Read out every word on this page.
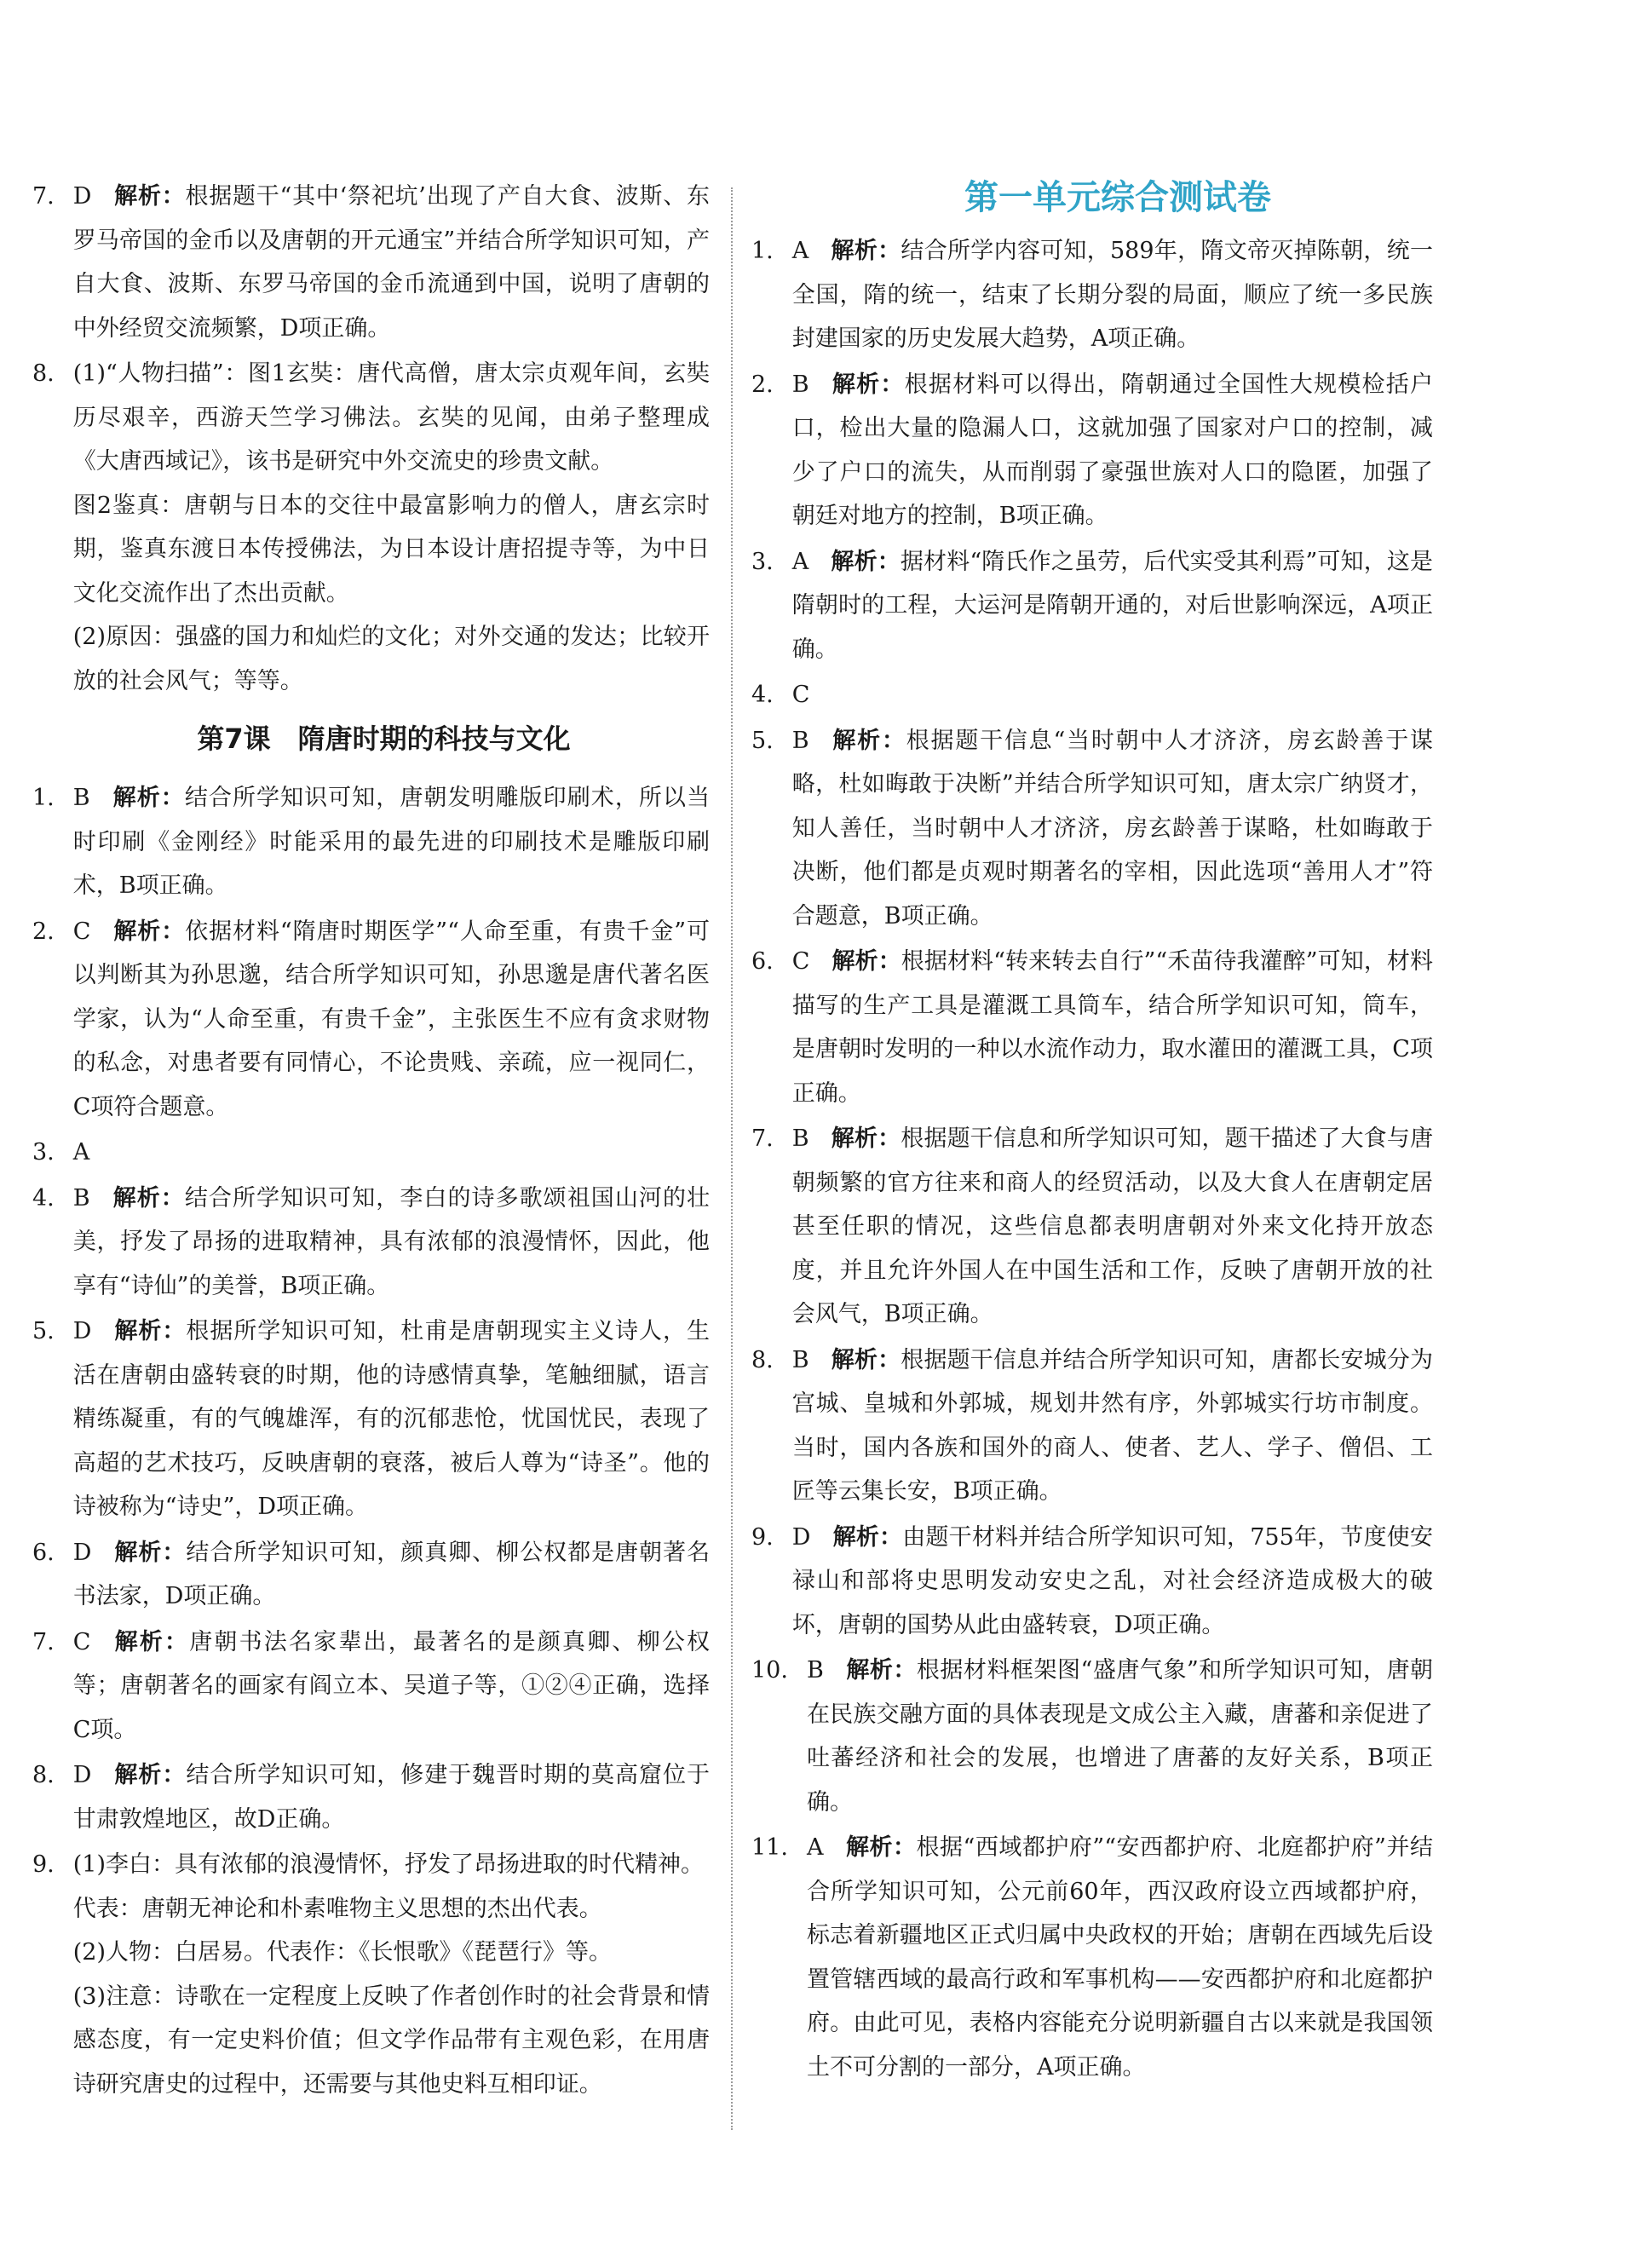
7. D 解析：根据题干“其中‘祭祀坑’出现了产自大食、波斯、东罗马帝国的金币以及唐朝的开元通宝”并结合所学知识可知，产自大食、波斯、东罗马帝国的金币流通到中国，说明了唐朝的中外经贸交流频繁，D项正确。
8. (1)“人物扫描”：图1玄奘：唐代高僧，唐太宗贞观年间，玄奘历尽艰辛，西游天竺学习佛法。玄奘的见闻，由弟子整理成《大唐西域记》，该书是研究中外交流史的珍贵文献。
图2鉴真：唐朝与日本的交往中最富影响力的僧人，唐玄宗时期，鉴真东渡日本传授佛法，为日本设计唐招提寺等，为中日文化交流作出了杰出贡献。
(2)原因：强盛的国力和灿烂的文化；对外交通的发达；比较开放的社会风气；等等。
第7课　隋唐时期的科技与文化
1. B 解析：结合所学知识可知，唐朝发明雕版印刷术，所以当时印刷《金刚经》时能采用的最先进的印刷技术是雕版印刷术，B项正确。
2. C 解析：依据材料“隋唐时期医学”“人命至重，有贵千金”可以判断其为孙思邈，结合所学知识可知，孙思邈是唐代著名医学家，认为“人命至重，有贵千金”，主张医生不应有贪求财物的私念，对患者要有同情心，不论贵贱、亲疏，应一视同仁，C项符合题意。
3. A
4. B 解析：结合所学知识可知，李白的诗多歌颂祖国山河的壮美，抒发了昂扬的进取精神，具有浓郁的浪漫情怀，因此，他享有“诗仙”的美誉，B项正确。
5. D 解析：根据所学知识可知，杜甫是唐朝现实主义诗人，生活在唐朝由盛转衰的时期，他的诗感情真挚，笔触细腻，语言精练凝重，有的气魄雄浑，有的沉郁悲怆，忧国忧民，表现了高超的艺术技巧，反映唐朝的衰落，被后人尊为“诗圣”。他的诗被称为“诗史”，D项正确。
6. D 解析：结合所学知识可知，颜真卿、柳公权都是唐朝著名书法家，D项正确。
7. C 解析：唐朝书法名家辈出，最著名的是颜真卿、柳公权等；唐朝著名的画家有阎立本、吴道子等，①②④正确，选择C项。
8. D 解析：结合所学知识可知，修建于魏晋时期的莫高窟位于甘肃敦煌地区，故D正确。
9. (1)李白：具有浓郁的浪漫情怀，抒发了昂扬进取的时代精神。
代表：唐朝无神论和朴素唯物主义思想的杰出代表。
(2)人物：白居易。代表作：《长恨歌》《琵琶行》等。
(3)注意：诗歌在一定程度上反映了作者创作时的社会背景和情感态度，有一定史料价值；但文学作品带有主观色彩，在用唐诗研究唐史的过程中，还需要与其他史料互相印证。
第一单元综合测试卷
1. A 解析：结合所学内容可知，589年，隋文帝灭掉陈朝，统一全国，隋的统一，结束了长期分裂的局面，顺应了统一多民族封建国家的历史发展大趋势，A项正确。
2. B 解析：根据材料可以得出，隋朝通过全国性大规模检括户口，检出大量的隐漏人口，这就加强了国家对户口的控制，减少了户口的流失，从而削弱了豪强世族对人口的隐匿，加强了朝廷对地方的控制，B项正确。
3. A 解析：据材料“隋氏作之虽劳，后代实受其利焉”可知，这是隋朝时的工程，大运河是隋朝开通的，对后世影响深远，A项正确。
4. C
5. B 解析：根据题干信息“当时朝中人才济济，房玄龄善于谋略，杜如晦敢于决断”并结合所学知识可知，唐太宗广纳贤才，知人善任，当时朝中人才济济，房玄龄善于谋略，杜如晦敢于决断，他们都是贞观时期著名的宰相，因此选项“善用人才”符合题意，B项正确。
6. C 解析：根据材料“转来转去自行”“禾苗待我灌醉”可知，材料描写的生产工具是灌溉工具筒车，结合所学知识可知，筒车，是唐朝时发明的一种以水流作动力，取水灌田的灌溉工具，C项正确。
7. B 解析：根据题干信息和所学知识可知，题干描述了大食与唐朝频繁的官方往来和商人的经贸活动，以及大食人在唐朝定居甚至任职的情况，这些信息都表明唐朝对外来文化持开放态度，并且允许外国人在中国生活和工作，反映了唐朝开放的社会风气，B项正确。
8. B 解析：根据题干信息并结合所学知识可知，唐都长安城分为宫城、皇城和外郭城，规划井然有序，外郭城实行坊市制度。当时，国内各族和国外的商人、使者、艺人、学子、僧侣、工匠等云集长安，B项正确。
9. D 解析：由题干材料并结合所学知识可知，755年，节度使安禄山和部将史思明发动安史之乱，对社会经济造成极大的破坏，唐朝的国势从此由盛转衰，D项正确。
10. B 解析：根据材料框架图“盛唐气象”和所学知识可知，唐朝在民族交融方面的具体表现是文成公主入藏，唐蕃和亲促进了吐蕃经济和社会的发展，也增进了唐蕃的友好关系，B项正确。
11. A 解析：根据“西域都护府”“安西都护府、北庭都护府”并结合所学知识可知，公元前60年，西汉政府设立西域都护府，标志着新疆地区正式归属中央政权的开始；唐朝在西域先后设置管辖西域的最高行政和军事机构——安西都护府和北庭都护府。由此可见，表格内容能充分说明新疆自古以来就是我国领土不可分割的一部分，A项正确。
